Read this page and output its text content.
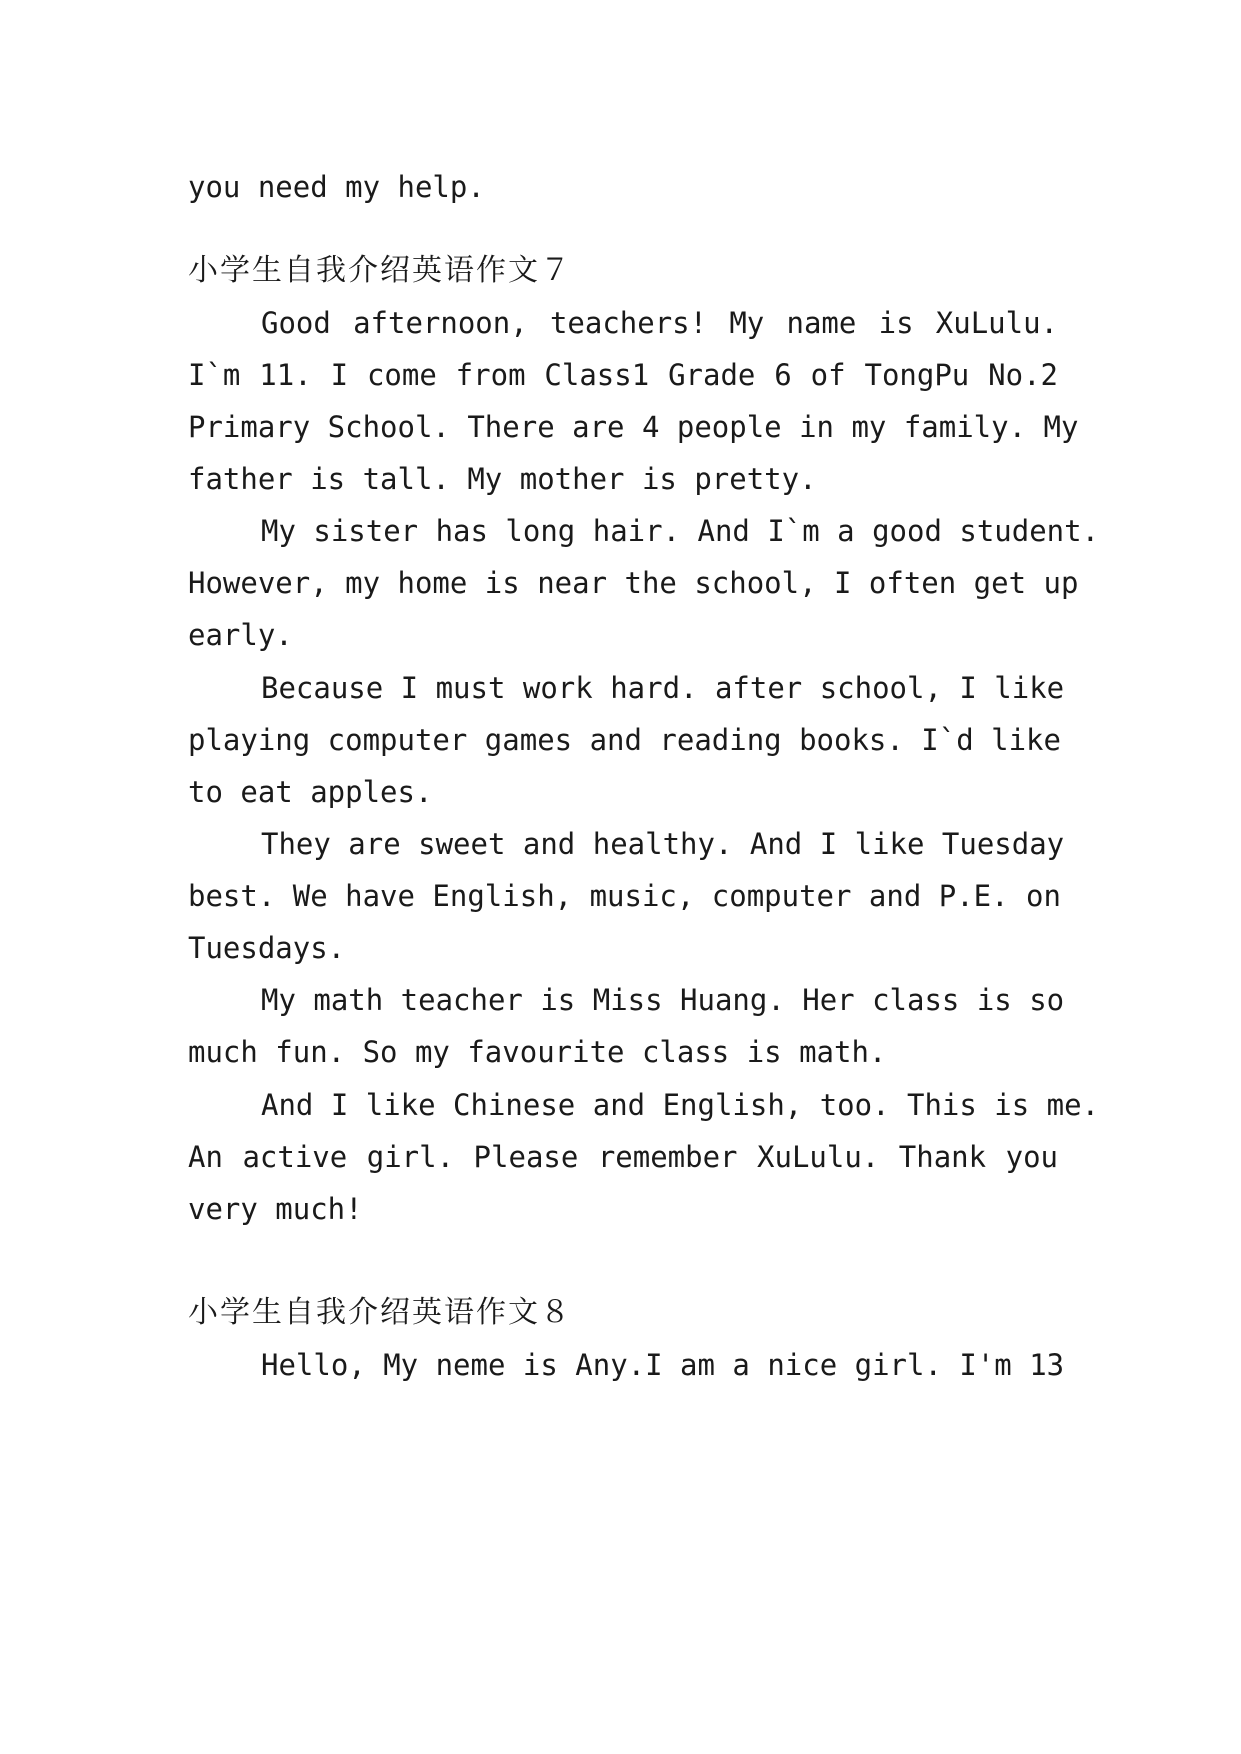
you need my help.
小学生自我介绍英语作文７
Good afternoon, teachers! My name is XuLulu.
I`m 11. I come from Class1 Grade 6 of TongPu No.2
Primary School. There are 4 people in my family. My
father is tall. My mother is pretty.
My sister has long hair. And I`m a good student.
However, my home is near the school, I often get up
early.
Because I must work hard. after school, I like
playing computer games and reading books. I`d like
to eat apples.
They are sweet and healthy. And I like Tuesday
best. We have English, music, computer and P.E. on
Tuesdays.
My math teacher is Miss Huang. Her class is so
much fun. So my favourite class is math.
And I like Chinese and English, too. This is me.
An active girl. Please remember XuLulu. Thank you
very much!
小学生自我介绍英语作文８
Hello, My neme is Any.I am a nice girl. I'm 13
